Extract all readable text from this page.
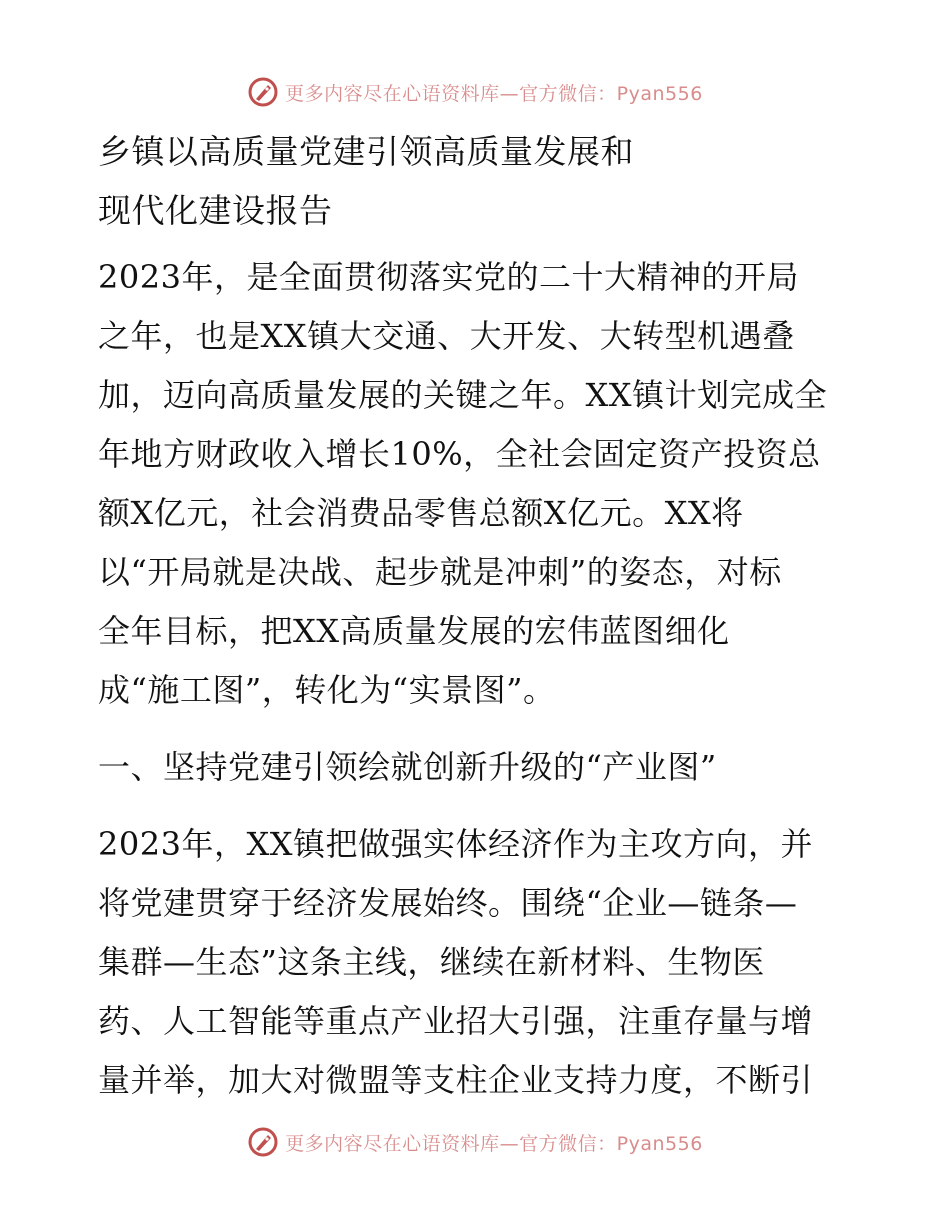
更多内容尽在心语资料库—官方微信：Pyan556
乡镇以高质量党建引领高质量发展和
现代化建设报告
2023年，是全面贯彻落实党的二十大精神的开局
之年，也是XX镇大交通、大开发、大转型机遇叠
加，迈向高质量发展的关键之年。XX镇计划完成全
年地方财政收入增长10%，全社会固定资产投资总
额X亿元，社会消费品零售总额X亿元。XX将
以“开局就是决战、起步就是冲刺”的姿态，对标
全年目标，把XX高质量发展的宏伟蓝图细化
成“施工图”，转化为“实景图”。
一、坚持党建引领绘就创新升级的“产业图”
2023年，XX镇把做强实体经济作为主攻方向，并
将党建贯穿于经济发展始终。围绕“企业—链条—
集群—生态”这条主线，继续在新材料、生物医
药、人工智能等重点产业招大引强，注重存量与增
量并举，加大对微盟等支柱企业支持力度，不断引
更多内容尽在心语资料库—官方微信：Pyan556
